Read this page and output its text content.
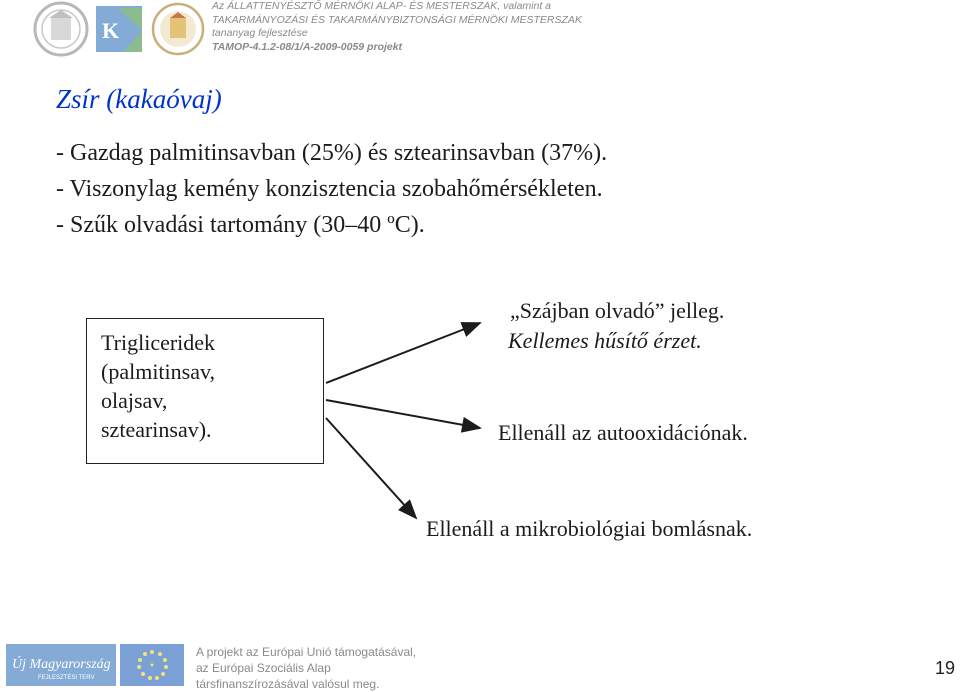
K
Az ÁLLATTENYÉSZTŐ MÉRNÖKI ALAP- ÉS MESTERSZAK, valamint a
TAKARMÁNYOZÁSI ÉS TAKARMÁNYBIZTONSÁGI MÉRNÖKI MESTERSZAK
tananyag fejlesztése
TAMOP-4.1.2-08/1/A-2009-0059 projekt
Zsír (kakaóvaj)
- Gazdag palmitinsavban (25%) és sztearinsavban (37%).
- Viszonylag kemény konzisztencia szobahőmérsékleten.
- Szűk olvadási tartomány (30–40 ºC).
Trigliceridek
(palmitinsav,
olajsav,
sztearinsav).
„Szájban olvadó” jelleg.
Kellemes hűsítő érzet.
Ellenáll az autooxidációnak.
Ellenáll a mikrobiológiai bomlásnak.
Új Magyarország
FEJLESZTÉSI TERV
A projekt az Európai Unió támogatásával,
az Európai Szociális Alap
társfinanszírozásával valósul meg.
19
